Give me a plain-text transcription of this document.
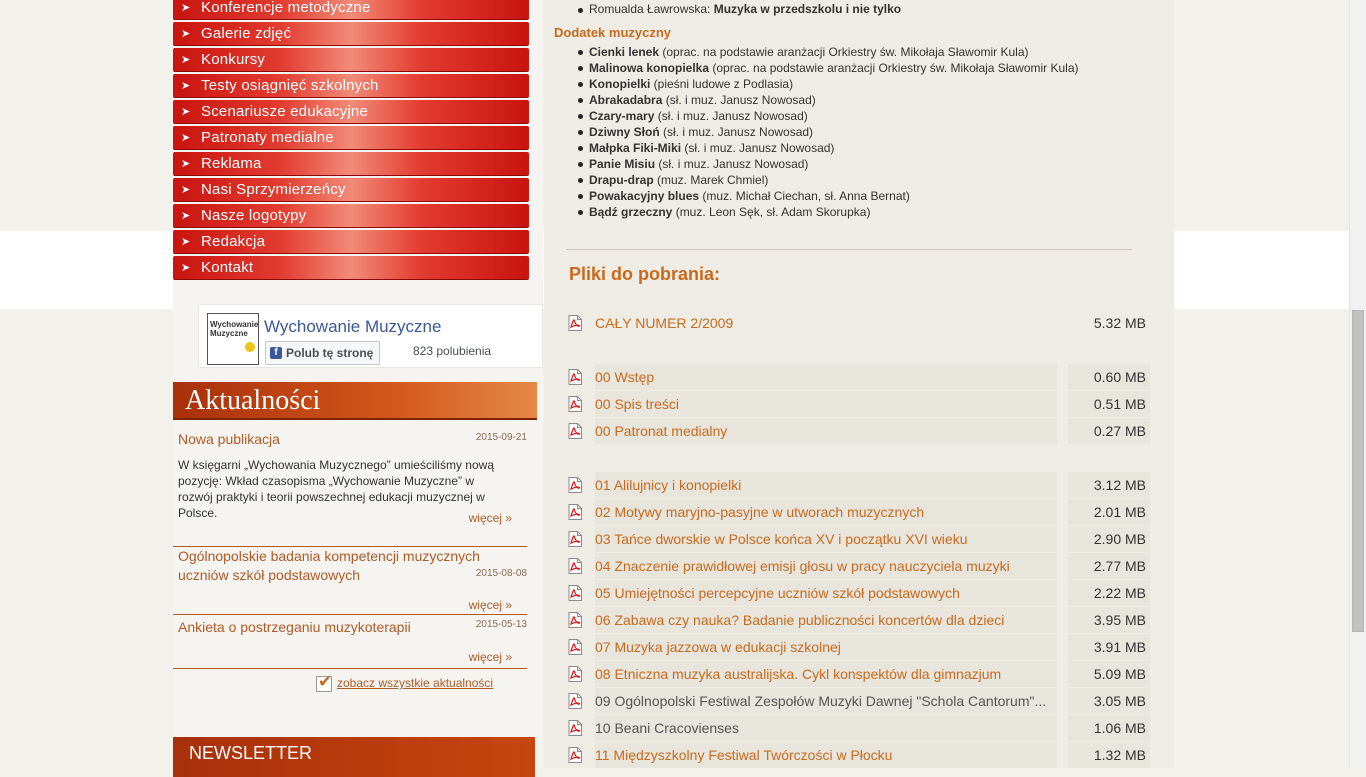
➤ Konferencje metodyczne
➤ Galerie zdjęć
➤ Konkursy
➤ Testy osiągnięć szkolnych
➤ Scenariusze edukacyjne
➤ Patronaty medialne
➤ Reklama
➤ Nasi Sprzymierzeńcy
➤ Nasze logotypy
➤ Redakcja
➤ Kontakt
Wychowanie Muzyczne Wychowanie Muzyczne
f Polub tę stronę	823 polubienia
Aktualności
Nowa publikacja	2015-09-21
W księgarni „Wychowania Muzycznego” umieściliśmy nową pozycję: Wkład czasopisma „Wychowanie Muzyczne” w rozwój praktyki i teorii powszechnej edukacji muzycznej w Polsce.	więcej »
Ogólnopolskie badania kompetencji muzycznych uczniów szkół podstawowych	2015-08-08
więcej »
Ankieta o postrzeganiu muzykoterapii	2015-05-13
więcej »
✔
zobacz wszystkie aktualności
NEWSLETTER
Romualda Ławrowska: Muzyka w przedszkolu i nie tylko
Dodatek muzyczny
Cienki lenek (oprac. na podstawie aranżacji Orkiestry św. Mikołaja Sławomir Kula)
Malinowa konopielka (oprac. na podstawie aranżacji Orkiestry św. Mikołaja Sławomir Kula)
Konopielki (pieśni ludowe z Podlasia)
Abrakadabra (sł. i muz. Janusz Nowosad)
Czary-mary (sł. i muz. Janusz Nowosad)
Dziwny Słoń (sł. i muz. Janusz Nowosad)
Małpka Fiki-Miki (sł. i muz. Janusz Nowosad)
Panie Misiu (sł. i muz. Janusz Nowosad)
Drapu-drap (muz. Marek Chmiel)
Powakacyjny blues (muz. Michał Ciechan, sł. Anna Bernat)
Bądź grzeczny (muz. Leon Sęk, sł. Adam Skorupka)
Pliki do pobrania:
CAŁY NUMER 2/2009	5.32 MB
00 Wstęp	0.60 MB
00 Spis treści	0.51 MB
00 Patronat medialny	0.27 MB
01 Alilujnicy i konopielki	3.12 MB
02 Motywy maryjno-pasyjne w utworach muzycznych	2.01 MB
03 Tańce dworskie w Polsce końca XV i początku XVI wieku	2.90 MB
04 Znaczenie prawidłowej emisji głosu w pracy nauczyciela muzyki	2.77 MB
05 Umiejętności percepcyjne uczniów szkół podstawowych	2.22 MB
06 Zabawa czy nauka? Badanie publiczności koncertów dla dzieci	3.95 MB
07 Muzyka jazzowa w edukacji szkolnej	3.91 MB
08 Etniczna muzyka australijska. Cykl konspektów dla gimnazjum	5.09 MB
09 Ogólnopolski Festiwal Zespołów Muzyki Dawnej "Schola Cantorum"...	3.05 MB
10 Beani Cracovienses	1.06 MB
11 Międzyszkolny Festiwal Twórczości w Płocku	1.32 MB
